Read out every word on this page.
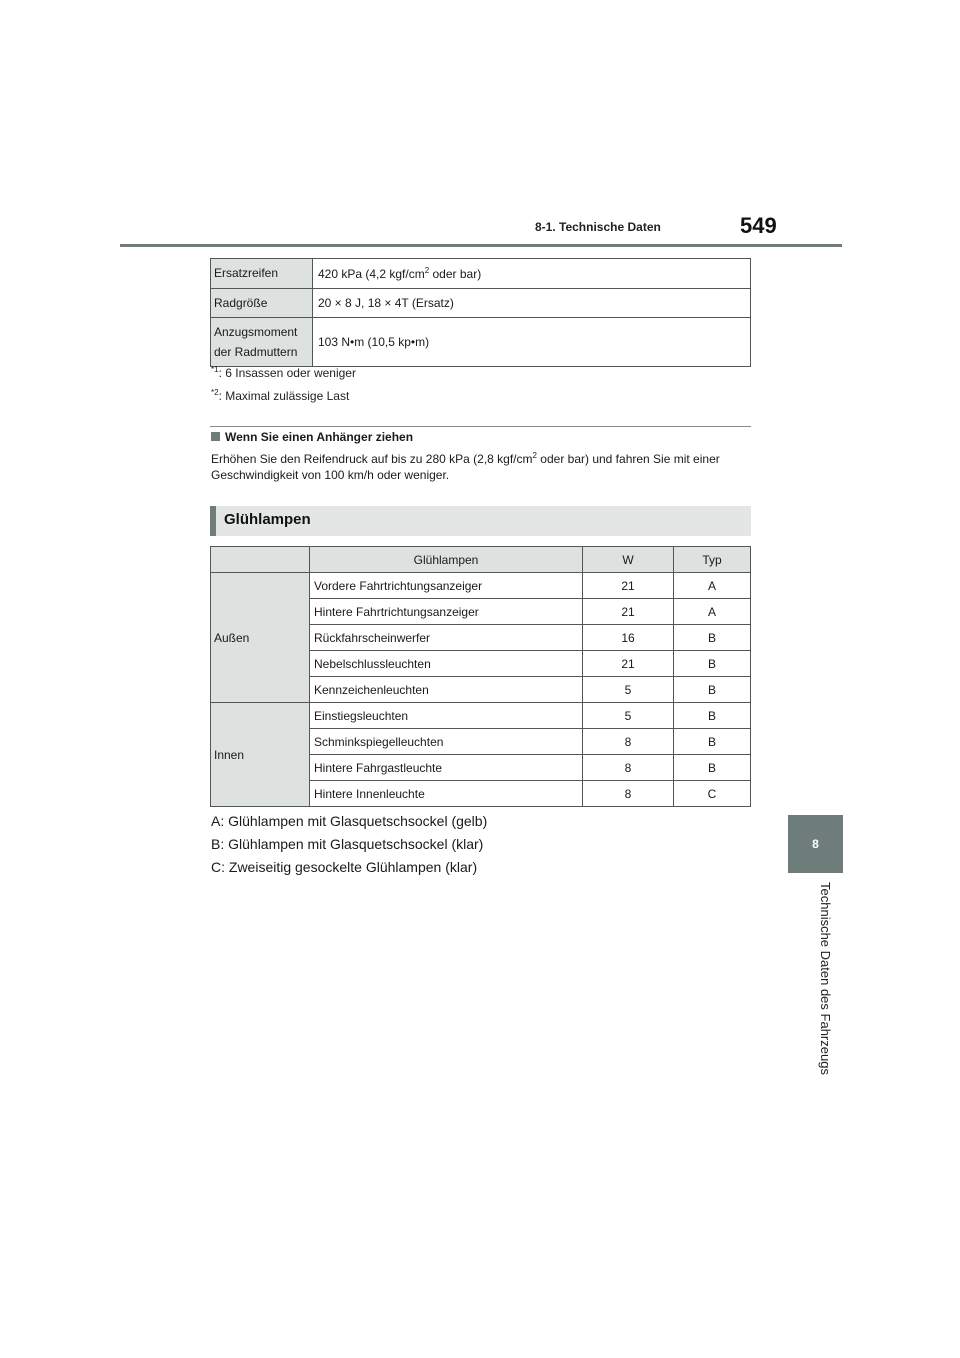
8-1. Technische Daten	549
8
Technische Daten des Fahrzeugs
Ersatzreifen	420 kPa (4,2 kgf/$cm^2$ oder bar)
Radgröße	20 × 8 J, 18 × 4T (Ersatz)
Anzugsmoment der Radmuttern	103 N•m (10,5 kp•m)
$^{*1}$: 6 Insassen oder weniger
$^{*2}$: Maximal zulässige Last
Wenn Sie einen Anhänger ziehen
Erhöhen Sie den Reifendruck auf bis zu 280 kPa (2,8 kgf/$cm^2$ oder bar) und fahren Sie mit einer Geschwindigkeit von 100 km/h oder weniger.
Glühlampen
	Glühlampen	W	Typ
Außen	Vordere Fahrtrichtungsanzeiger	21	A
	Hintere Fahrtrichtungsanzeiger	21	A
	Rückfahrscheinwerfer	16	B
	Nebelschlussleuchten	21	B
	Kennzeichenleuchten	5	B
Innen	Einstiegsleuchten	5	B
	Schminkspiegelleuchten	8	B
	Hintere Fahrgastleuchte	8	B
	Hintere Innenleuchte	8	C
A: Glühlampen mit Glasquetschsockel (gelb)
B: Glühlampen mit Glasquetschsockel (klar)
C: Zweiseitig gesockelte Glühlampen (klar)
